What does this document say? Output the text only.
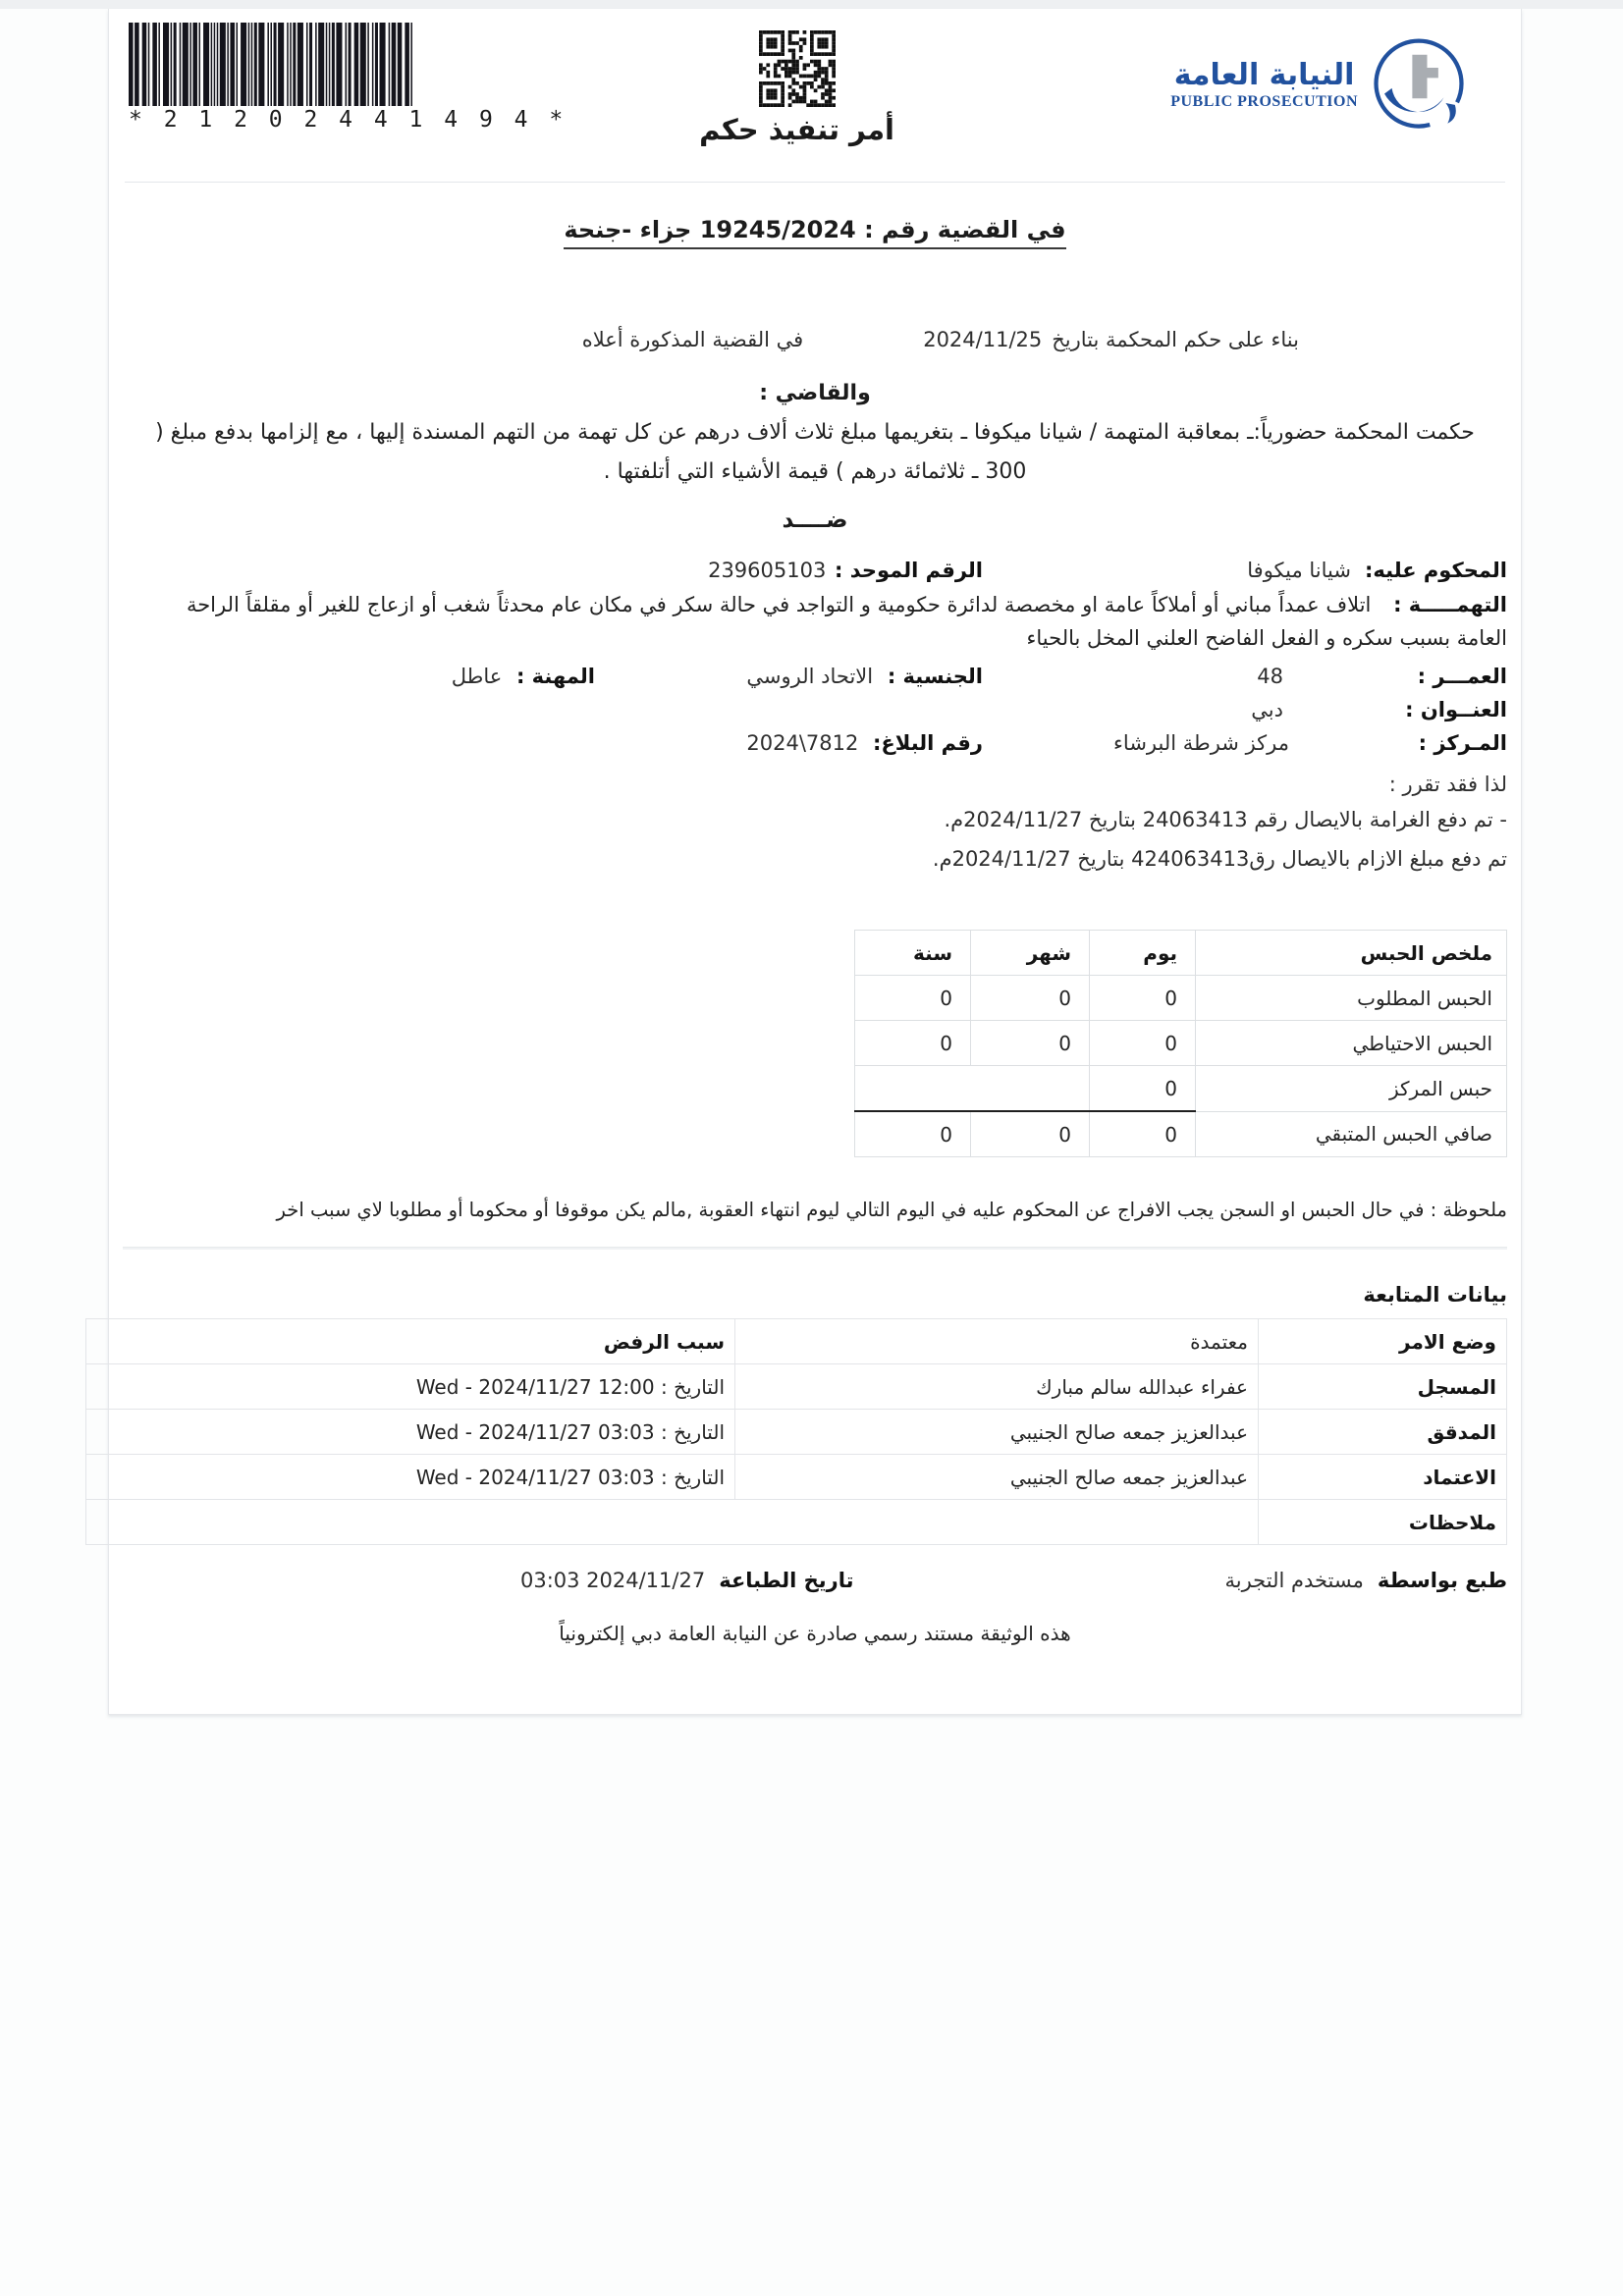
* 2 1 2 0 2 4 4 1 4 9 4 *	أمر تنفيذ حكم
النيابة العامة
PUBLIC PROSECUTION
في القضية رقم : 19245/2024 جزاء -جنحة
بناء على حكم المحكمة بتاريخ
2024/11/25
في القضية المذكورة أعلاه
والقاضي :

حكمت المحكمة حضورياً:ـ بمعاقبة المتهمة / شيانا ميكوفا ـ بتغريمها مبلغ ثلاث ألاف درهم عن كل تهمة من التهم المسندة إليها ، مع إلزامها بدفع مبلغ ( 300 ـ ثلاثمائة درهم ) قيمة الأشياء التي أتلفتها .

ضــــد
المحكوم عليه:
شيانا ميكوفا
الرقم الموحد : 239605103

التهمـــــة : اتلاف عمداً مباني أو أملاكاً عامة او مخصصة لدائرة حكومية و التواجد في حالة سكر في مكان عام محدثاً شغب أو ازعاج للغير أو مقلقاً الراحة العامة بسبب سكره و الفعل الفاضح العلني المخل بالحياء

العمـــر :
48
الجنسية : الاتحاد الروسي
المهنة : عاطل
العنــوان :
دبي
المـركز :
مركز شرطة البرشاء
رقم البلاغ: 7812\2024
لذا فقد تقرر :
- تم دفع الغرامة بالايصال رقم 24063413 بتاريخ 2024/11/27م.
تم دفع مبلغ الازام بالايصال رق424063413 بتاريخ 2024/11/27م.
ملخص الحبس	يوم	شهر	سنة
الحبس المطلوب	0	0	0
الحبس الاحتياطي	0	0	0
حبس المركز	0		
صافي الحبس المتبقي	0	0	0
ملحوظة : في حال الحبس او السجن يجب الافراج عن المحكوم عليه في اليوم التالي ليوم انتهاء العقوبة ,مالم يكن موقوفا أو محكوما أو مطلوبا لاي سبب اخر
بيانات المتابعة
وضع الامر	معتمدة	سبب الرفض
المسجل	عفراء عبدالله سالم مبارك	التاريخ : Wed - 2024/11/27 12:00
المدقق	عبدالعزيز جمعه صالح الجنيبي	التاريخ : Wed - 2024/11/27 03:03
الاعتماد	عبدالعزيز جمعه صالح الجنيبي	التاريخ : Wed - 2024/11/27 03:03
ملاحظات		
طبع بواسطة
مستخدم التجربة
تاريخ الطباعة
03:03 2024/11/27
هذه الوثيقة مستند رسمي صادرة عن النيابة العامة دبي إلكترونياً
